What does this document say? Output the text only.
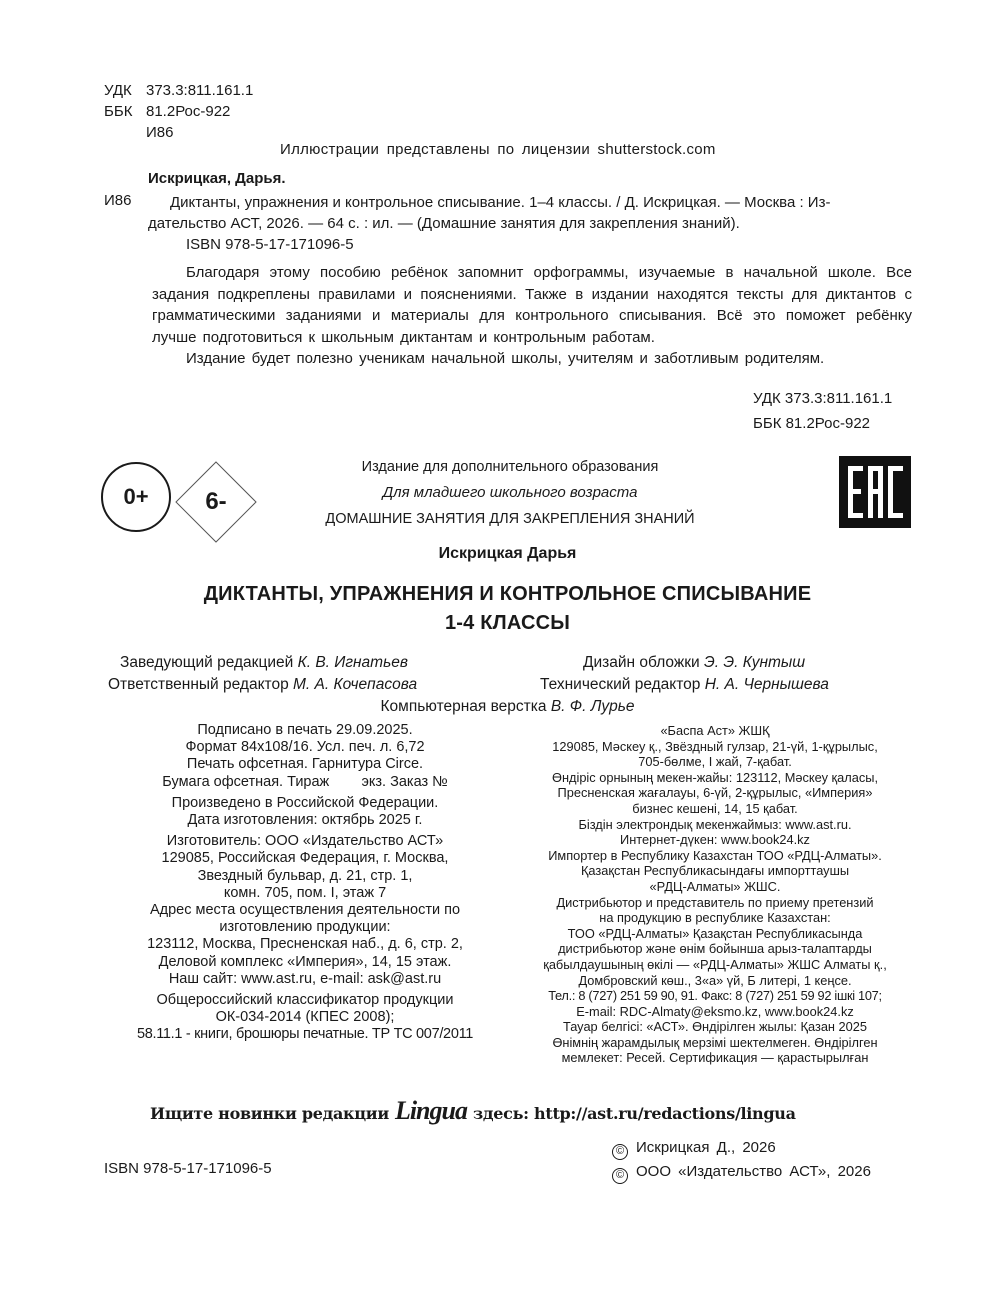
УДК 373.3:811.161.1
ББК 81.2Рос-922
И86
Иллюстрации представлены по лицензии shutterstock.com
Искрицкая, Дарья.
И86	Диктанты, упражнения и контрольное списывание. 1–4 классы. / Д. Искрицкая. — Москва : Из-
дательство АСТ, 2026. — 64 с. : ил. — (Домашние занятия для закрепления знаний).
ISBN 978-5-17-171096-5

Благодаря этому пособию ребёнок запомнит орфограммы, изучаемые в начальной школе. Все задания подкреплены правилами и пояснениями. Также в издании находятся тексты для диктантов с грамматическими заданиями и материалы для контрольного списывания. Всё это поможет ребёнку лучше подготовиться к школьным диктантам и контрольным работам.

Издание будет полезно ученикам начальной школы, учителям и заботливым родителям.

УДК 373.3:811.161.1
ББК 81.2Рос-922
0+	6-
Издание для дополнительного образования
Для младшего школьного возраста
ДОМАШНИЕ ЗАНЯТИЯ ДЛЯ ЗАКРЕПЛЕНИЯ ЗНАНИЙ
Искрицкая Дарья
ДИКТАНТЫ, УПРАЖНЕНИЯ И КОНТРОЛЬНОЕ СПИСЫВАНИЕ
1-4 КЛАССЫ
Заведующий редакцией К. В. Игнатьев	Дизайн обложки Э. Э. Кунтыш
Ответственный редактор М. А. Кочепасова	Технический редактор Н. А. Чернышева
Компьютерная верстка В. Ф. Лурье
Подписано в печать 29.09.2025.
Формат 84x108/16. Усл. печ. л. 6,72
Печать офсетная. Гарнитура Circe.
Бумага офсетная. Тираж        экз. Заказ №
Произведено в Российской Федерации.
Дата изготовления: октябрь 2025 г.
Изготовитель: ООО «Издательство АСТ»
129085, Российская Федерация, г. Москва,
Звездный бульвар, д. 21, стр. 1,
комн. 705, пом. I, этаж 7
Адрес места осуществления деятельности по
изготовлению продукции:
123112, Москва, Пресненская наб., д. 6, стр. 2,
Деловой комплекс «Империя», 14, 15 этаж.
Наш сайт: www.ast.ru, e-mail: ask@ast.ru
Общероссийский классификатор продукции
ОК-034-2014 (КПЕС 2008);
58.11.1 - книги, брошюры печатные. ТР ТС 007/2011
«Баспа Аст» ЖШҚ
129085, Мәскеу қ., Звёздный гулзар, 21-үй, 1-құрылыс,
705-бөлме, I жай, 7-қабат.
Өндіріс орнының мекен-жайы: 123112, Мәскеу қаласы,
Пресненская жағалауы, 6-үй, 2-құрылыс, «Империя»
бизнес кешені, 14, 15 қабат.
Біздін электрондық мекенжаймыз: www.ast.ru.
Интернет-дүкен: www.book24.kz
Импортер в Республику Казахстан ТОО «РДЦ-Алматы».
Қазақстан Республикасындағы импорттаушы
«РДЦ-Алматы» ЖШС.
Дистрибьютор и представитель по приему претензий
на продукцию в республике Казахстан:
ТОО «РДЦ-Алматы» Қазақстан Республикасында
дистрибьютор және өнім бойынша арыз-талаптарды
қабылдаушының өкілі — «РДЦ-Алматы» ЖШС Алматы қ.,
Домбровский көш., 3«а» үй, Б литері, 1 кеңсе.
Тел.: 8 (727) 251 59 90, 91. Факс: 8 (727) 251 59 92 ішкі 107;
E-mail: RDC-Almaty@eksmo.kz, www.book24.kz
Тауар белгісі: «АСТ». Өндірілген жылы: Қазан 2025
Өнімнің жарамдылық мерзімі шектелмеген. Өндірілген
мемлекет: Ресей. Сертификация — қарастырылған
Ищите новинки редакции Lingua здесь: http://ast.ru/redactions/lingua
ISBN 978-5-17-171096-5
© Искрицкая Д., 2026
© ООО «Издательство АСТ», 2026
